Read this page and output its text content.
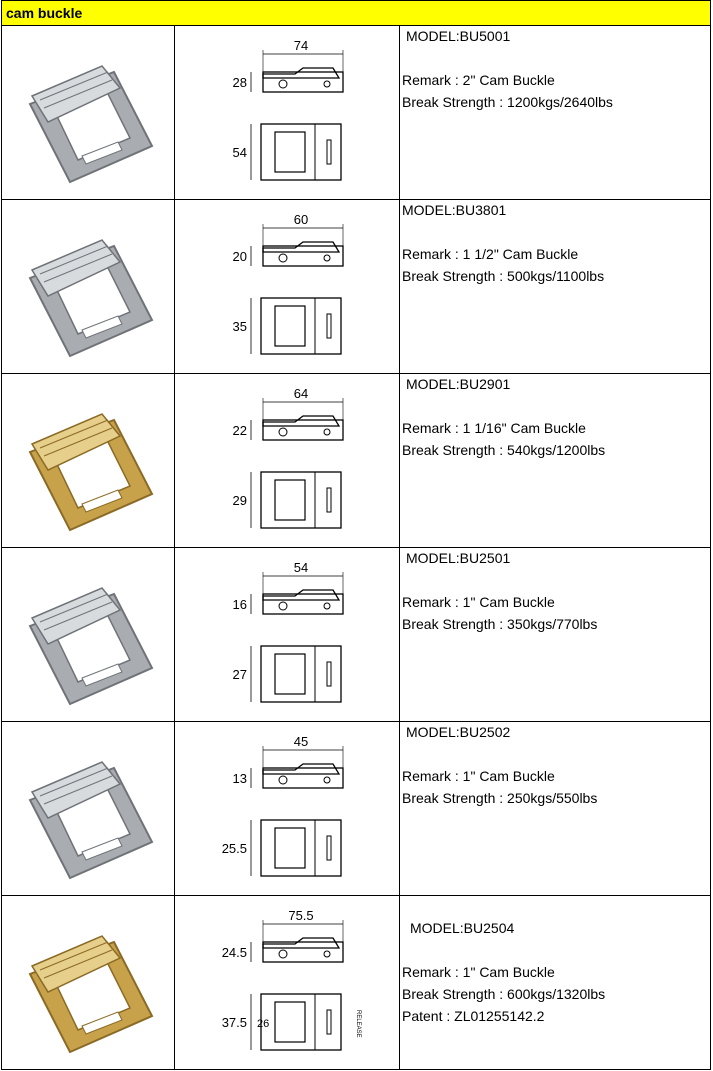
cam buckle
74
28
54
MODEL:BU5001
Remark : 2" Cam Buckle
Break Strength : 1200kgs/2640lbs
60
20
35
MODEL:BU3801
Remark : 1 1/2" Cam Buckle
Break Strength : 500kgs/1100lbs
64
22
29
MODEL:BU2901
Remark : 1 1/16" Cam Buckle
Break Strength : 540kgs/1200lbs
54
16
27
MODEL:BU2501
Remark : 1" Cam Buckle
Break Strength : 350kgs/770lbs
45
13
25.5
MODEL:BU2502
Remark : 1" Cam Buckle
Break Strength : 250kgs/550lbs
75.5
24.5
37.5 26	RELEASE
MODEL:BU2504
Remark : 1" Cam Buckle
Break Strength : 600kgs/1320lbs
Patent : ZL01255142.2
